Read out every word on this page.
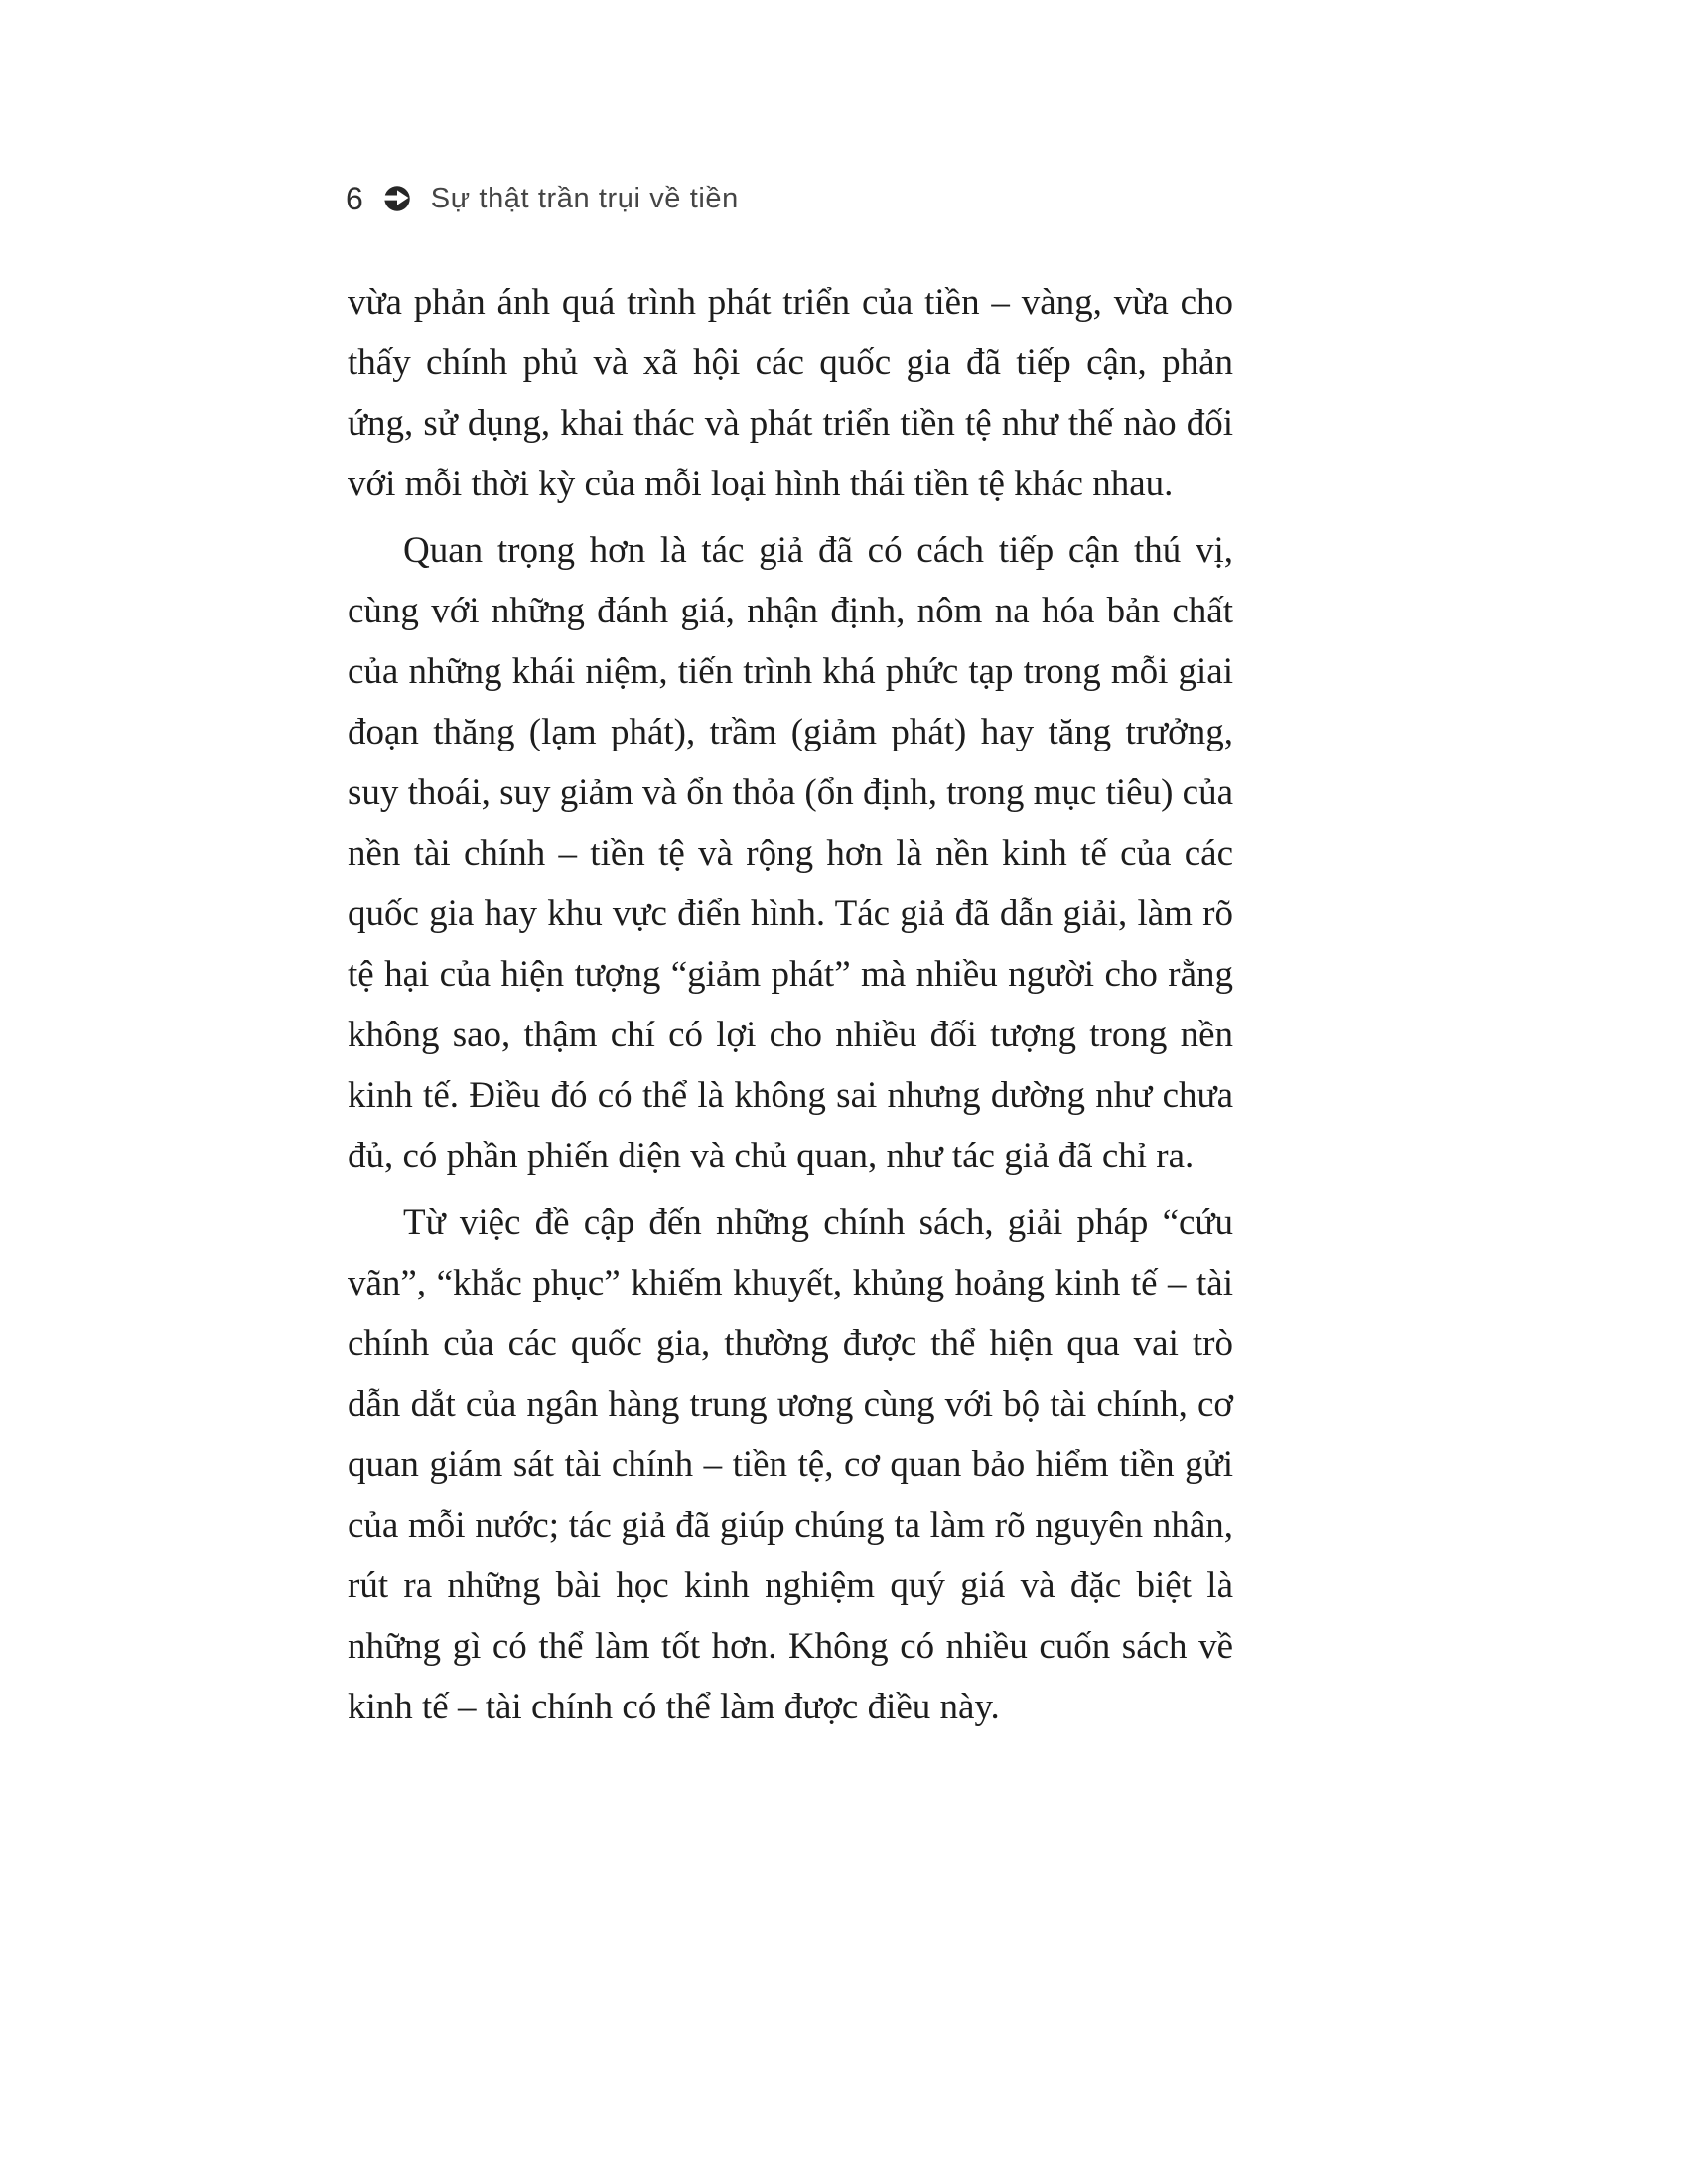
6 Sự thật trần trụi về tiền

vừa phản ánh quá trình phát triển của tiền – vàng, vừa cho thấy chính phủ và xã hội các quốc gia đã tiếp cận, phản ứng, sử dụng, khai thác và phát triển tiền tệ như thế nào đối với mỗi thời kỳ của mỗi loại hình thái tiền tệ khác nhau.

Quan trọng hơn là tác giả đã có cách tiếp cận thú vị, cùng với những đánh giá, nhận định, nôm na hóa bản chất của những khái niệm, tiến trình khá phức tạp trong mỗi giai đoạn thăng (lạm phát), trầm (giảm phát) hay tăng trưởng, suy thoái, suy giảm và ổn thỏa (ổn định, trong mục tiêu) của nền tài chính – tiền tệ và rộng hơn là nền kinh tế của các quốc gia hay khu vực điển hình. Tác giả đã dẫn giải, làm rõ tệ hại của hiện tượng “giảm phát” mà nhiều người cho rằng không sao, thậm chí có lợi cho nhiều đối tượng trong nền kinh tế. Điều đó có thể là không sai nhưng dường như chưa đủ, có phần phiến diện và chủ quan, như tác giả đã chỉ ra.

Từ việc đề cập đến những chính sách, giải pháp “cứu vãn”, “khắc phục” khiếm khuyết, khủng hoảng kinh tế – tài chính của các quốc gia, thường được thể hiện qua vai trò dẫn dắt của ngân hàng trung ương cùng với bộ tài chính, cơ quan giám sát tài chính – tiền tệ, cơ quan bảo hiểm tiền gửi của mỗi nước; tác giả đã giúp chúng ta làm rõ nguyên nhân, rút ra những bài học kinh nghiệm quý giá và đặc biệt là những gì có thể làm tốt hơn. Không có nhiều cuốn sách về kinh tế – tài chính có thể làm được điều này.
